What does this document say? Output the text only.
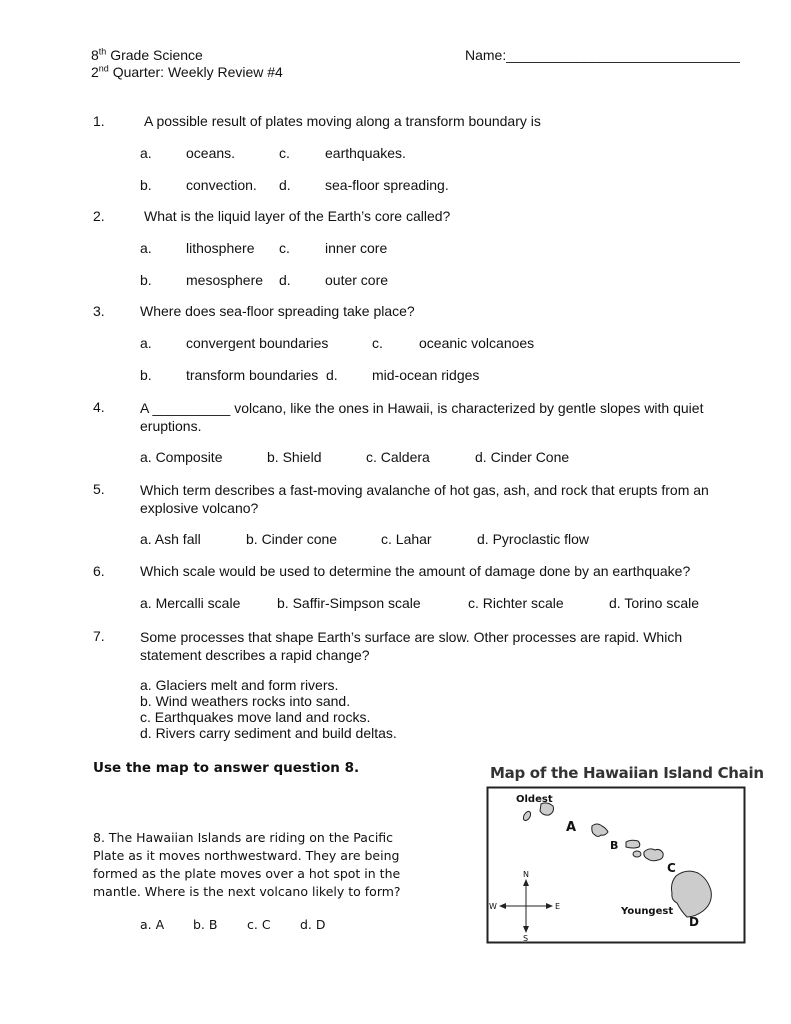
8th Grade Science
2nd Quarter: Weekly Review #4
Name:______________________________
1.	A possible result of plates moving along a transform boundary is
a. oceans.	c.	earthquakes.
b. convection. d. sea-floor spreading.
2.	What is the liquid layer of the Earth’s core called?
a. lithosphere c.	inner core
b. mesosphere d. outer core
3.	Where does sea-floor spreading take place?
a. convergent boundaries	c.	oceanic volcanoes
b. transform boundaries d. mid-ocean ridges
4.	A __________ volcano, like the ones in Hawaii, is characterized by gentle slopes with quiet eruptions.
a. Composite	b. Shield	c. Caldera	d. Cinder Cone
5.	Which term describes a fast-moving avalanche of hot gas, ash, and rock that erupts from an explosive volcano?
a. Ash fall	b. Cinder cone	c. Lahar	d. Pyroclastic flow
6.	Which scale would be used to determine the amount of damage done by an earthquake?
a. Mercalli scale	b. Saffir-Simpson scale	c. Richter scale	d. Torino scale
7.	Some processes that shape Earth’s surface are slow. Other processes are rapid. Which statement describes a rapid change?
a. Glaciers melt and form rivers.
b. Wind weathers rocks into sand.
c. Earthquakes move land and rocks.
d. Rivers carry sediment and build deltas.
Use the map to answer question 8.
8. The Hawaiian Islands are riding on the Pacific Plate as it moves northwestward. They are being formed as the plate moves over a hot spot in the mantle. Where is the next volcano likely to form?
a. A b. B c. C d. D
Map of the Hawaiian Island Chain
Oldest
A
B
C
Youngest
D
N
S
W	E
